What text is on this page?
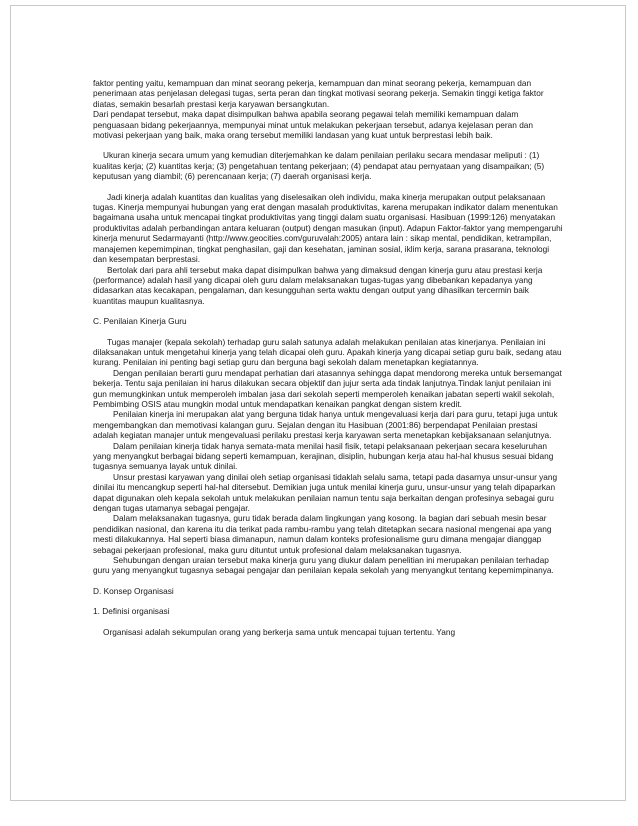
faktor penting yaitu, kemampuan dan minat seorang pekerja, kemampuan dan minat seorang pekerja, kemampuan dan penerimaan atas penjelasan delegasi tugas, serta peran dan tingkat motivasi seorang pekerja. Semakin tinggi ketiga faktor diatas, semakin besarlah prestasi kerja karyawan bersangkutan.

Dari pendapat tersebut, maka dapat disimpulkan bahwa apabila seorang pegawai telah memiliki kemampuan dalam penguasaan bidang pekerjaannya, mempunyai minat untuk melakukan pekerjaan tersebut, adanya kejelasan peran dan motivasi pekerjaan yang baik, maka orang tersebut memiliki landasan yang kuat untuk berprestasi lebih baik.

Ukuran kinerja secara umum yang kemudian diterjemahkan ke dalam penilaian perilaku secara mendasar meliputi : (1) kualitas kerja; (2) kuantitas kerja; (3) pengetahuan tentang pekerjaan; (4) pendapat atau pernyataan yang disampaikan; (5) keputusan yang diambil; (6) perencanaan kerja; (7) daerah organisasi kerja.

Jadi kinerja adalah kuantitas dan kualitas yang diselesaikan oleh individu, maka kinerja merupakan output pelaksanaan tugas. Kinerja mempunyai hubungan yang erat dengan masalah produktivitas, karena merupakan indikator dalam menentukan bagaimana usaha untuk mencapai tingkat produktivitas yang tinggi dalam suatu organisasi. Hasibuan (1999:126) menyatakan produktivitas adalah perbandingan antara keluaran (output) dengan masukan (input). Adapun Faktor-faktor yang mempengaruhi kinerja menurut Sedarmayanti (http://www.geocities.com/guruvalah:2005) antara lain : sikap mental, pendidikan, ketrampilan, manajemen kepemimpinan, tingkat penghasilan, gaji dan kesehatan, jaminan sosial, iklim kerja, sarana prasarana, teknologi dan kesempatan berprestasi.

Bertolak dari para ahli tersebut maka dapat disimpulkan bahwa yang dimaksud dengan kinerja guru atau prestasi kerja (performance) adalah hasil yang dicapai oleh guru dalam melaksanakan tugas-tugas yang dibebankan kepadanya yang didasarkan atas kecakapan, pengalaman, dan kesungguhan serta waktu dengan output yang dihasilkan tercermin baik kuantitas maupun kualitasnya.

C. Penilaian Kinerja Guru

Tugas manajer (kepala sekolah) terhadap guru salah satunya adalah melakukan penilaian atas kinerjanya. Penilaian ini dilaksanakan untuk mengetahui kinerja yang telah dicapai oleh guru. Apakah kinerja yang dicapai setiap guru baik, sedang atau kurang. Penilaian ini penting bagi setiap guru dan berguna bagi sekolah dalam menetapkan kegiatannya.

Dengan penilaian berarti guru mendapat perhatian dari atasannya sehingga dapat mendorong mereka untuk bersemangat bekerja. Tentu saja penilaian ini harus dilakukan secara objektif dan jujur serta ada tindak lanjutnya.Tindak lanjut penilaian ini gun memungkinkan untuk memperoleh imbalan jasa dari sekolah seperti memperoleh kenaikan jabatan seperti wakil sekolah, Pembimbing OSIS atau mungkin modal untuk mendapatkan kenaikan pangkat dengan sistem kredit.

Penilaian kinerja ini merupakan alat yang berguna tidak hanya untuk mengevaluasi kerja dari para guru, tetapi juga untuk mengembangkan dan memotivasi kalangan guru. Sejalan dengan itu Hasibuan (2001:86) berpendapat Penilaian prestasi adalah kegiatan manajer untuk mengevaluasi perilaku prestasi kerja karyawan serta menetapkan kebijaksanaan selanjutnya.

Dalam penilaian kinerja tidak hanya semata-mata menilai hasil fisik, tetapi pelaksanaan pekerjaan secara keseluruhan yang menyangkut berbagai bidang seperti kemampuan, kerajinan, disiplin, hubungan kerja atau hal-hal khusus sesuai bidang tugasnya semuanya layak untuk dinilai.

Unsur prestasi karyawan yang dinilai oleh setiap organisasi tidaklah selalu sama, tetapi pada dasarnya unsur-unsur yang dinilai itu mencangkup seperti hal-hal ditersebut. Demikian juga untuk menilai kinerja guru, unsur-unsur yang telah dipaparkan dapat digunakan oleh kepala sekolah untuk melakukan penilaian namun tentu saja berkaitan dengan profesinya sebagai guru dengan tugas utamanya sebagai pengajar.

Dalam melaksanakan tugasnya, guru tidak berada dalam lingkungan yang kosong. Ia bagian dari sebuah mesin besar pendidikan nasional, dan karena itu dia terikat pada rambu-rambu yang telah ditetapkan secara nasional mengenai apa yang mesti dilakukannya. Hal seperti biasa dimanapun, namun dalam konteks profesionalisme guru dimana mengajar dianggap sebagai pekerjaan profesional, maka guru dituntut untuk profesional dalam melaksanakan tugasnya.

Sehubungan dengan uraian tersebut maka kinerja guru yang diukur dalam penelitian ini merupakan penilaian terhadap guru yang menyangkut tugasnya sebagai pengajar dan penilaian kepala sekolah yang menyangkut tentang kepemimpinanya.

D. Konsep Organisasi

1. Definisi organisasi

Organisasi adalah sekumpulan orang yang berkerja sama untuk mencapai tujuan tertentu. Yang
